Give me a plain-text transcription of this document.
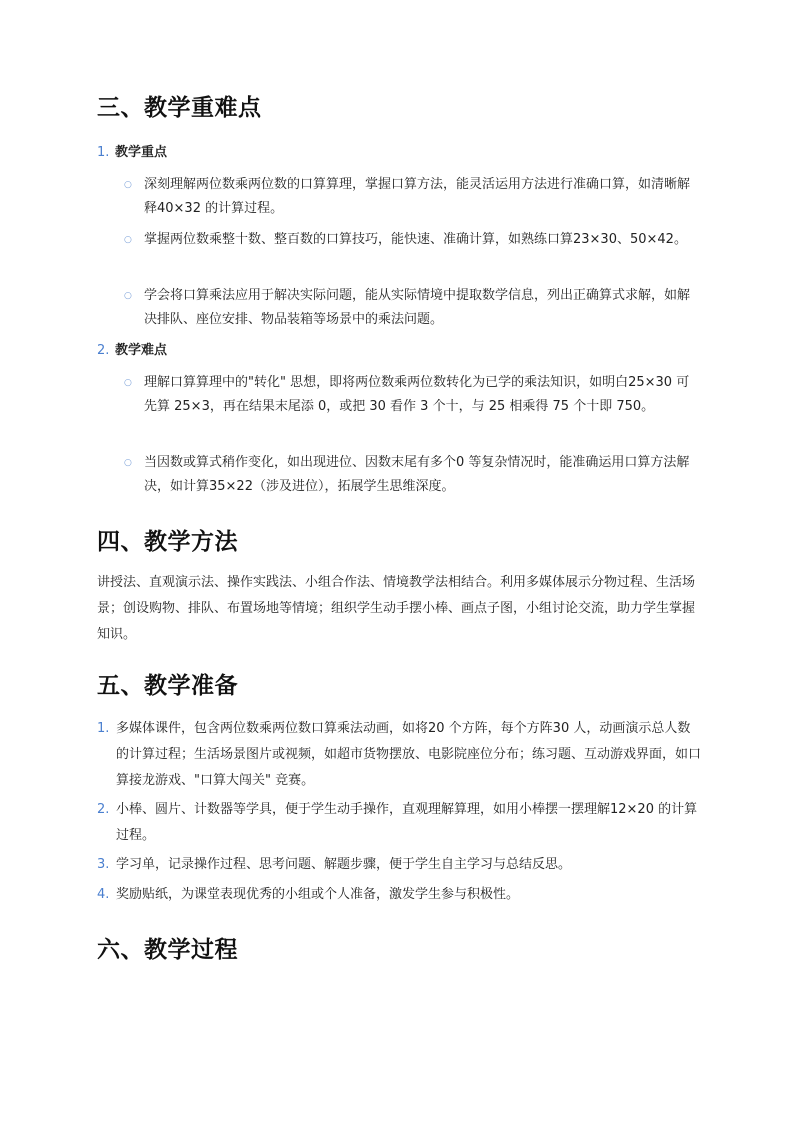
三、教学重难点
1. 教学重点
○ 深刻理解两位数乘两位数的口算算理，掌握口算方法，能灵活运用方法进行准确口算，如清晰解释40×32 的计算过程。
○ 掌握两位数乘整十数、整百数的口算技巧，能快速、准确计算，如熟练口算23×30、50×42。
○ 学会将口算乘法应用于解决实际问题，能从实际情境中提取数学信息，列出正确算式求解，如解决排队、座位安排、物品装箱等场景中的乘法问题。
2. 教学难点
○ 理解口算算理中的"转化" 思想，即将两位数乘两位数转化为已学的乘法知识，如明白25×30 可先算 25×3，再在结果末尾添 0，或把 30 看作 3 个十，与 25 相乘得 75 个十即 750。
○ 当因数或算式稍作变化，如出现进位、因数末尾有多个0 等复杂情况时，能准确运用口算方法解决，如计算35×22（涉及进位），拓展学生思维深度。
四、教学方法

讲授法、直观演示法、操作实践法、小组合作法、情境教学法相结合。利用多媒体展示分物过程、生活场景；创设购物、排队、布置场地等情境；组织学生动手摆小棒、画点子图，小组讨论交流，助力学生掌握知识。

五、教学准备
1. 多媒体课件，包含两位数乘两位数口算乘法动画，如将20 个方阵，每个方阵30 人，动画演示总人数的计算过程；生活场景图片或视频，如超市货物摆放、电影院座位分布；练习题、互动游戏界面，如口算接龙游戏、"口算大闯关" 竞赛。
2. 小棒、圆片、计数器等学具，便于学生动手操作，直观理解算理，如用小棒摆一摆理解12×20 的计算过程。
3. 学习单，记录操作过程、思考问题、解题步骤，便于学生自主学习与总结反思。
4. 奖励贴纸，为课堂表现优秀的小组或个人准备，激发学生参与积极性。
六、教学过程
